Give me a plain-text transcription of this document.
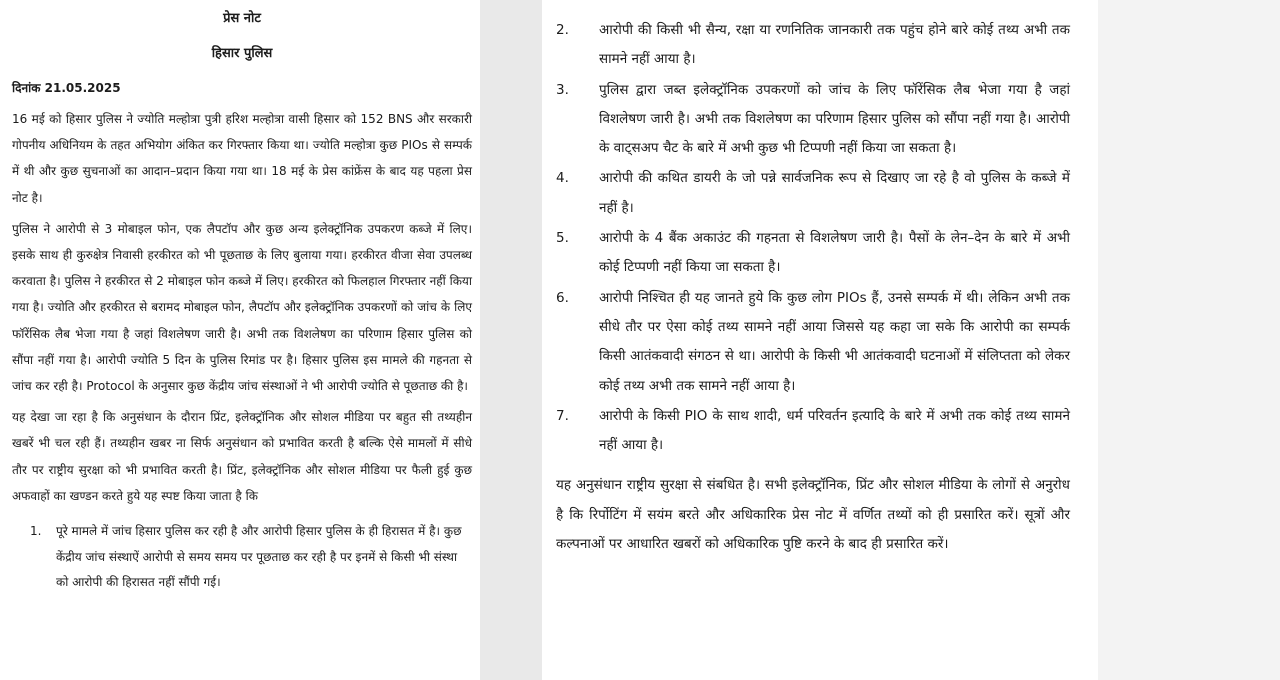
प्रेस नोट

हिसार पुलिस

दिनांक 21.05.2025

16 मई को हिसार पुलिस ने ज्योति मल्होत्रा पुत्री हरिश मल्होत्रा वासी हिसार को 152 BNS और सरकारी गोपनीय अधिनियम के तहत अभियोग अंकित कर गिरफ्तार किया था। ज्योति मल्होत्रा कुछ PIOs से सम्पर्क में थी और कुछ सुचनाओं का आदान–प्रदान किया गया था। 18 मई के प्रेस कांफ्रेंस के बाद यह पहला प्रेस नोट है।

पुलिस ने आरोपी से 3 मोबाइल फोन, एक लैपटॉप और कुछ अन्य इलेक्ट्रॉनिक उपकरण कब्जे में लिए। इसके साथ ही कुरुक्षेत्र निवासी हरकीरत को भी पूछताछ के लिए बुलाया गया। हरकीरत वीजा सेवा उपलब्ध करवाता है। पुलिस ने हरकीरत से 2 मोबाइल फोन कब्जे में लिए। हरकीरत को फिलहाल गिरफ्तार नहीं किया गया है। ज्योति और हरकीरत से बरामद मोबाइल फोन, लैपटॉप और इलेक्ट्रॉनिक उपकरणों को जांच के लिए फॉरेंसिक लैब भेजा गया है जहां विशलेषण जारी है। अभी तक विशलेषण का परिणाम हिसार पुलिस को सौंपा नहीं गया है। आरोपी ज्योति 5 दिन के पुलिस रिमांड पर है। हिसार पुलिस इस मामले की गहनता से जांच कर रही है। Protocol के अनुसार कुछ केंद्रीय जांच संस्थाओं ने भी आरोपी ज्योति से पूछताछ की है।

यह देखा जा रहा है कि अनुसंधान के दौरान प्रिंट, इलेक्ट्रॉनिक और सोशल मीडिया पर बहुत सी तथ्यहीन खबरें भी चल रही हैं। तथ्यहीन खबर ना सिर्फ अनुसंधान को प्रभावित करती है बल्कि ऐसे मामलों में सीधे तौर पर राष्ट्रीय सुरक्षा को भी प्रभावित करती है। प्रिंट, इलेक्ट्रॉनिक और सोशल मीडिया पर फैली हुई कुछ अफवाहों का खण्डन करते हुये यह स्पष्ट किया जाता है कि

1. पूरे मामले में जांच हिसार पुलिस कर रही है और आरोपी हिसार पुलिस के ही हिरासत में है। कुछ केंद्रीय जांच संस्थाऐं आरोपी से समय समय पर पूछताछ कर रही है पर इनमें से किसी भी संस्था को आरोपी की हिरासत नहीं सौंपी गई।
2. आरोपी की किसी भी सैन्य, रक्षा या रणनितिक जानकारी तक पहुंच होने बारे कोई तथ्य अभी तक सामने नहीं आया है।
3. पुलिस द्वारा जब्त इलेक्ट्रॉनिक उपकरणों को जांच के लिए फॉरेंसिक लैब भेजा गया है जहां विशलेषण जारी है। अभी तक विशलेषण का परिणाम हिसार पुलिस को सौंपा नहीं गया है। आरोपी के वाट्सअप चैट के बारे में अभी कुछ भी टिप्पणी नहीं किया जा सकता है।
4. आरोपी की कथित डायरी के जो पन्ने सार्वजनिक रूप से दिखाए जा रहे है वो पुलिस के कब्जे में नहीं है।
5. आरोपी के 4 बैंक अकाउंट की गहनता से विशलेषण जारी है। पैसों के लेन–देन के बारे में अभी कोई टिप्पणी नहीं किया जा सकता है।
6. आरोपी निश्चित ही यह जानते हुये कि कुछ लोग PIOs हैं, उनसे सम्पर्क में थी। लेकिन अभी तक सीधे तौर पर ऐसा कोई तथ्य सामने नहीं आया जिससे यह कहा जा सके कि आरोपी का सम्पर्क किसी आतंकवादी संगठन से था। आरोपी के किसी भी आतंकवादी घटनाओं में संलिप्तता को लेकर कोई तथ्य अभी तक सामने नहीं आया है।
7. आरोपी के किसी PIO के साथ शादी, धर्म परिवर्तन इत्यादि के बारे में अभी तक कोई तथ्य सामने नहीं आया है।

यह अनुसंधान राष्ट्रीय सुरक्षा से संबधित है। सभी इलेक्ट्रॉनिक, प्रिंट और सोशल मीडिया के लोगों से अनुरोध है कि रिर्पोटिंग में सयंम बरते और अधिकारिक प्रेस नोट में वर्णित तथ्यों को ही प्रसारित करें। सूत्रों और कल्पनाओं पर आधारित खबरों को अधिकारिक पुष्टि करने के बाद ही प्रसारित करें।
